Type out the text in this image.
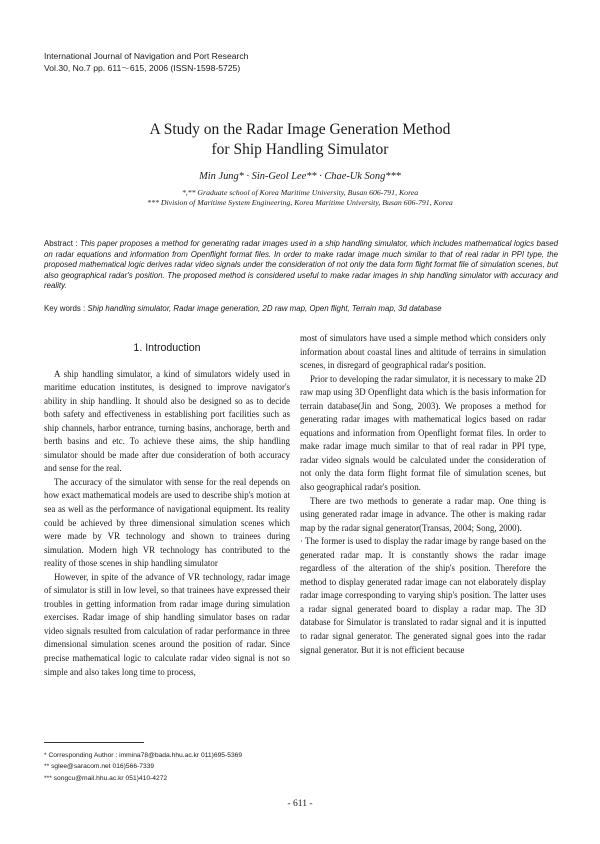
International Journal of Navigation and Port Research
Vol.30, No.7 pp. 611～615, 2006 (ISSN-1598-5725)
A Study on the Radar Image Generation Method
for Ship Handling Simulator
Min Jung* · Sin-Geol Lee** · Chae-Uk Song***
*,** Graduate school of Korea Maritime University, Busan 606-791, Korea
*** Division of Maritime System Engineering, Korea Maritime University, Busan 606-791, Korea
Abstract : This paper proposes a method for generating radar images used in a ship handling simulator, which includes mathematical logics based on radar equations and information from Openflight format files. In order to make radar image much similar to that of real radar in PPI type, the proposed mathematical logic derives radar video signals under the consideration of not only the data form flight format file of simulation scenes, but also geographical radar's position. The proposed method is considered useful to make radar images in ship handling simulator with accuracy and reality.
Key words : Ship handling simulator, Radar image generation, 2D raw map, Open flight, Terrain map, 3d database
1. Introduction

A ship handling simulator, a kind of simulators widely used in maritime education institutes, is designed to improve navigator's ability in ship handling. It should also be designed so as to decide both safety and effectiveness in establishing port facilities such as ship channels, harbor entrance, turning basins, anchorage, berth and berth basins and etc. To achieve these aims, the ship handling simulator should be made after due consideration of both accuracy and sense for the real.

The accuracy of the simulator with sense for the real depends on how exact mathematical models are used to describe ship's motion at sea as well as the performance of navigational equipment. Its reality could be achieved by three dimensional simulation scenes which were made by VR technology and shown to trainees during simulation. Modern high VR technology has contributed to the reality of those scenes in ship handling simulator

However, in spite of the advance of VR technology, radar image of simulator is still in low level, so that trainees have expressed their troubles in getting information from radar image during simulation exercises. Radar image of ship handling simulator bases on radar video signals resulted from calculation of radar performance in three dimensional simulation scenes around the position of radar. Since precise mathematical logic to calculate radar video signal is not so simple and also takes long time to process,

most of simulators have used a simple method which considers only information about coastal lines and altitude of terrains in simulation scenes, in disregard of geographical radar's position.

Prior to developing the radar simulator, it is necessary to make 2D raw map using 3D Openflight data which is the basis information for terrain database(Jin and Song, 2003). We proposes a method for generating radar images with mathematical logics based on radar equations and information from Openflight format files. In order to make radar image much similar to that of real radar in PPI type, radar video signals would be calculated under the consideration of not only the data form flight format file of simulation scenes, but also geographical radar's position.

There are two methods to generate a radar map. One thing is using generated radar image in advance. The other is making radar map by the radar signal generator(Transas, 2004; Song, 2000).

· The former is used to display the radar image by range based on the generated radar map. It is constantly shows the radar image regardless of the alteration of the ship's position. Therefore the method to display generated radar image can not elaborately display radar image corresponding to varying ship's position. The latter uses a radar signal generated board to display a radar map. The 3D database for Simulator is translated to radar signal and it is inputted to radar signal generator. The generated signal goes into the radar signal generator. But it is not efficient because

* Corresponding Author : immina78@bada.hhu.ac.kr 011)695-5369
** sglee@saracom.net 016)566-7339
*** songcu@mail.hhu.ac.kr 051)410-4272
- 611 -
